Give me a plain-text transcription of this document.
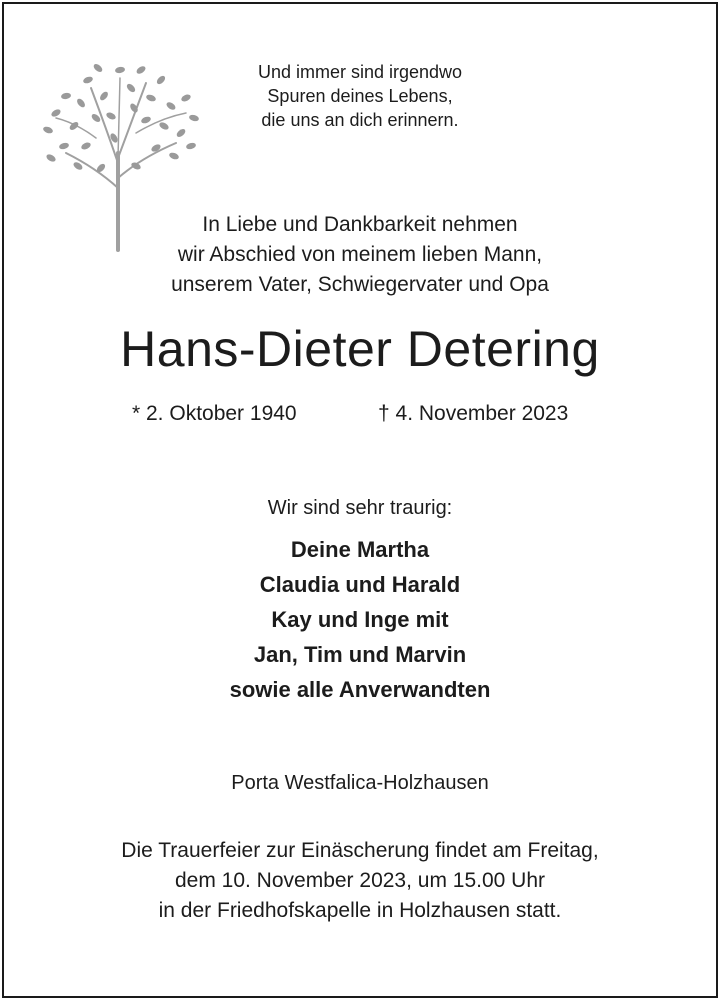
Und immer sind irgendwo
Spuren deines Lebens,
die uns an dich erinnern.
In Liebe und Dankbarkeit nehmen
wir Abschied von meinem lieben Mann,
unserem Vater, Schwiegervater und Opa
Hans-Dieter Detering
* 2. Oktober 1940	† 4. November 2023
Wir sind sehr traurig:
Deine Martha
Claudia und Harald
Kay und Inge mit
Jan, Tim und Marvin
sowie alle Anverwandten
Porta Westfalica-Holzhausen
Die Trauerfeier zur Einäscherung findet am Freitag,
dem 10. November 2023, um 15.00 Uhr
in der Friedhofskapelle in Holzhausen statt.
